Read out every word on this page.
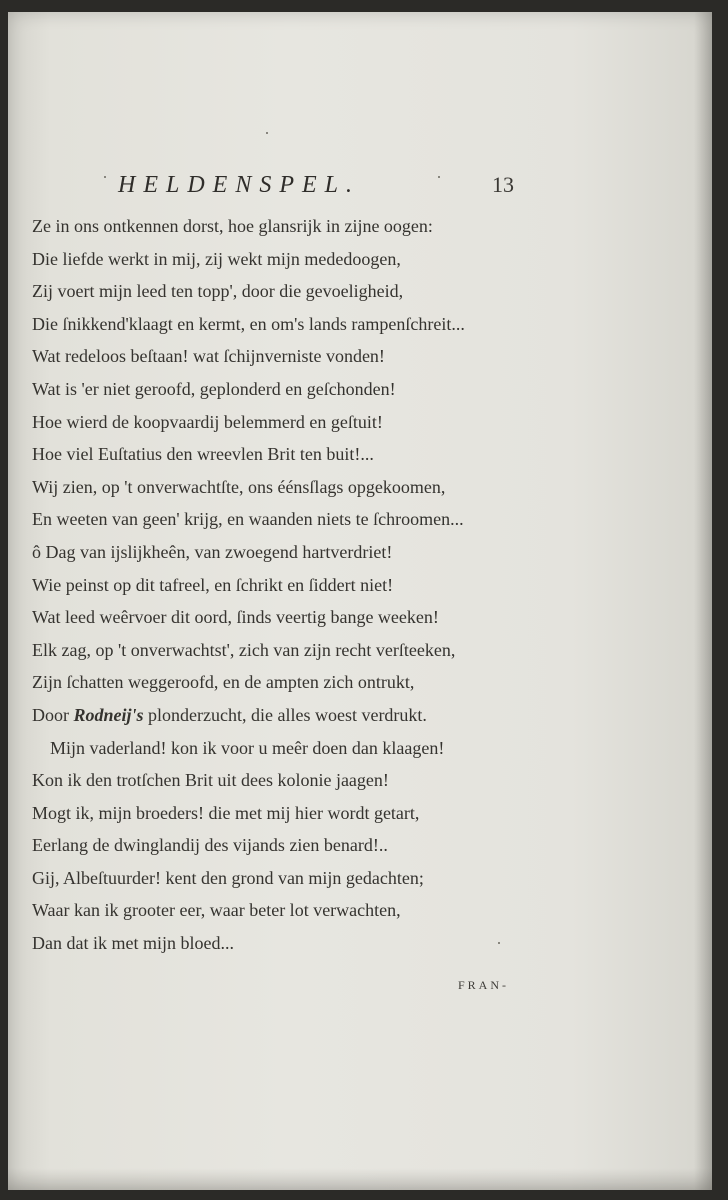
HELDENSPEL.	13
Ze in ons ontkennen dorst, hoe glansrijk in zijne oogen:
Die liefde werkt in mij, zij wekt mijn mededoogen,
Zij voert mijn leed ten topp', door die gevoeligheid,
Die ſnikkend'klaagt en kermt, en om's lands rampenſchreit...
Wat redeloos beſtaan! wat ſchijnverniste vonden!
Wat is 'er niet geroofd, geplonderd en geſchonden!
Hoe wierd de koopvaardij belemmerd en geſtuit!
Hoe viel Euſtatius den wreevlen Brit ten buit!...
Wij zien, op 't onverwachtſte, ons éénsſlags opgekoomen,
En weeten van geen' krijg, en waanden niets te ſchroomen...
ô Dag van ijslijkheên, van zwoegend hartverdriet!
Wie peinst op dit tafreel, en ſchrikt en ſiddert niet!
Wat leed weêrvoer dit oord, ſinds veertig bange weeken!
Elk zag, op 't onverwachtst', zich van zijn recht verſteeken,
Zijn ſchatten weggeroofd, en de ampten zich ontrukt,
Door Rodneij's plonderzucht, die alles woest verdrukt.
Mijn vaderland! kon ik voor u meêr doen dan klaagen!
Kon ik den trotſchen Brit uit dees kolonie jaagen!
Mogt ik, mijn broeders! die met mij hier wordt getart,
Eerlang de dwinglandij des vijands zien benard!..
Gij, Albeſtuurder! kent den grond van mijn gedachten;
Waar kan ik grooter eer, waar beter lot verwachten,
Dan dat ik met mijn bloed...
FRAN-
